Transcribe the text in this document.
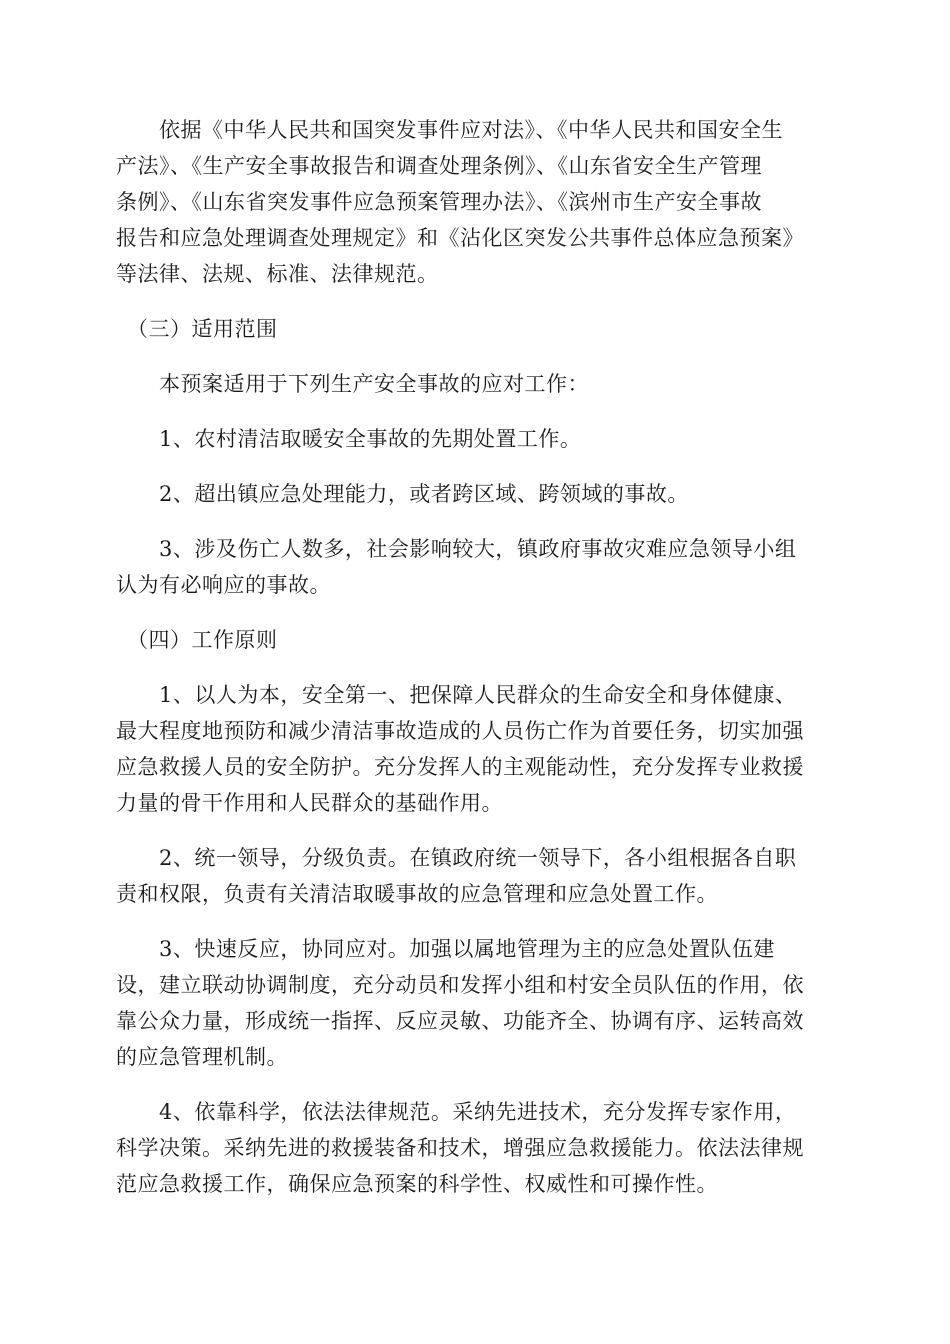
　　依据《中华人民共和国突发事件应对法》、《中华人民共和国安全生
产法》、《生产安全事故报告和调查处理条例》、《山东省安全生产管理
条例》、《山东省突发事件应急预案管理办法》、《滨州市生产安全事故
报告和应急处理调查处理规定》和《沾化区突发公共事件总体应急预案》
等法律、法规、标准、法律规范。

　（三）适用范围

　　本预案适用于下列生产安全事故的应对工作：

　　1、农村清洁取暖安全事故的先期处置工作。

　　2、超出镇应急处理能力，或者跨区域、跨领域的事故。

　　3、涉及伤亡人数多，社会影响较大，镇政府事故灾难应急领导小组
认为有必响应的事故。

　（四）工作原则

　　1、以人为本，安全第一、把保障人民群众的生命安全和身体健康、
最大程度地预防和减少清洁事故造成的人员伤亡作为首要任务，切实加强
应急救援人员的安全防护。充分发挥人的主观能动性，充分发挥专业救援
力量的骨干作用和人民群众的基础作用。

　　2、统一领导，分级负责。在镇政府统一领导下，各小组根据各自职
责和权限，负责有关清洁取暖事故的应急管理和应急处置工作。

　　3、快速反应，协同应对。加强以属地管理为主的应急处置队伍建
设，建立联动协调制度，充分动员和发挥小组和村安全员队伍的作用，依
靠公众力量，形成统一指挥、反应灵敏、功能齐全、协调有序、运转高效
的应急管理机制。

　　4、依靠科学，依法法律规范。采纳先进技术，充分发挥专家作用，
科学决策。采纳先进的救援装备和技术，增强应急救援能力。依法法律规
范应急救援工作，确保应急预案的科学性、权威性和可操作性。
